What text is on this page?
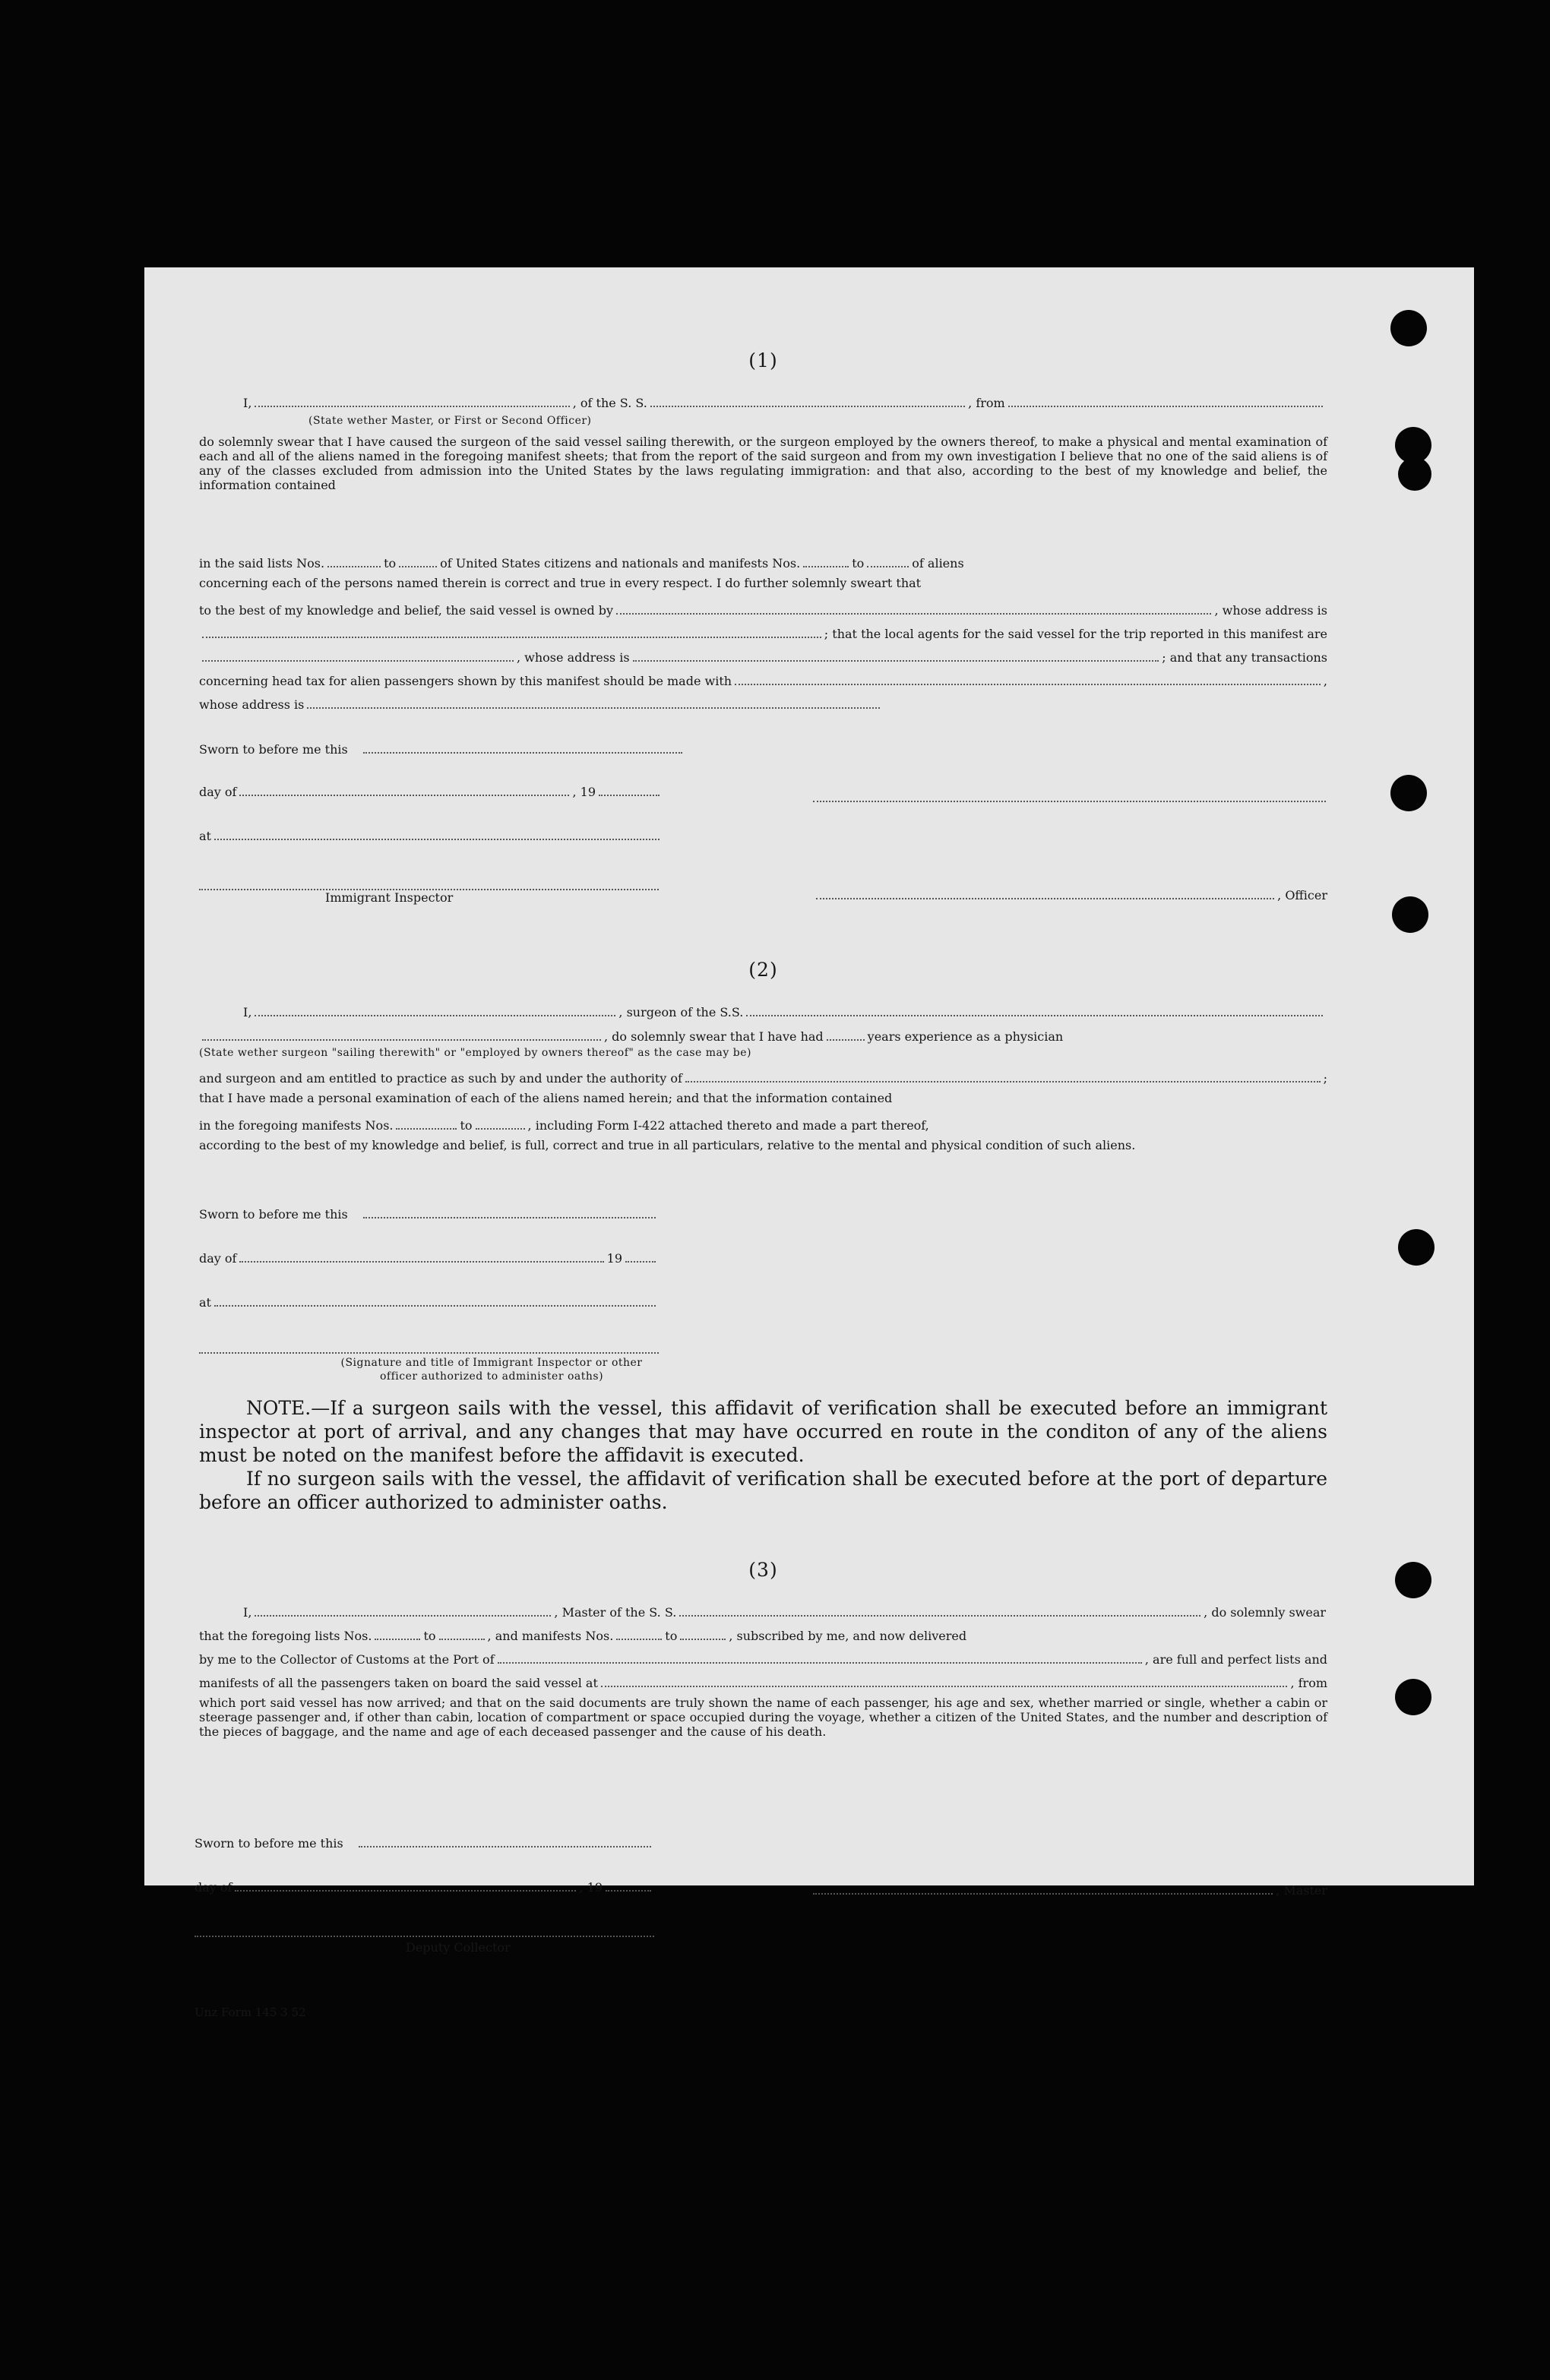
(1)
I,	, of the S. S.	, from
(State wether Master, or First or Second Officer)

do solemnly swear that I have caused the surgeon of the said vessel sailing therewith, or the surgeon employed by the owners thereof, to make a physical and mental examination of each and all of the aliens named in the foregoing manifest sheets; that from the report of the said surgeon and from my own investigation I believe that no one of the said aliens is of any of the classes excluded from admission into the United States by the laws regulating immigration: and that also, according to the best of my knowledge and belief, the information contained

in the said lists Nos.	to	of United States citizens and nationals and manifests Nos.	to	of aliens
concerning each of the persons named therein is correct and true in every respect. I do further solemnly sweart that
to the best of my knowledge and belief, the said vessel is owned by	, whose address is
; that the local agents for the said vessel for the trip reported in this manifest are
, whose address is	; and that any transactions
concerning head tax for alien passengers shown by this manifest should be made with	,
whose address is
Sworn to before me this
day of	, 19
at
, Officer
Immigrant Inspector
(2)
I,	, surgeon of the S.S.
, do solemnly swear that I have had	years experience as a physician
(State wether surgeon "sailing therewith" or "employed by owners thereof" as the case may be)
and surgeon and am entitled to practice as such by and under the authority of	;
that I have made a personal examination of each of the aliens named herein; and that the information contained
in the foregoing manifests Nos.	to	, including Form I-422 attached thereto and made a part thereof,

according to the best of my knowledge and belief, is full, correct and true in all particulars, relative to the mental and physical condition of such aliens.

Sworn to before me this
day of	19
at
(Signature and title of Immigrant Inspector or other
officer authorized to administer oaths)

NOTE.—If a surgeon sails with the vessel, this affidavit of verification shall be executed before an immigrant inspector at port of arrival, and any changes that may have occurred en route in the conditon of any of the aliens must be noted on the manifest before the affidavit is executed.

If no surgeon sails with the vessel, the affidavit of verification shall be executed before at the port of departure before an officer authorized to administer oaths.

(3)
I,	, Master of the S. S.	, do solemnly swear
that the foregoing lists Nos.	to	, and manifests Nos.	to	, subscribed by me, and now delivered
by me to the Collector of Customs at the Port of	, are full and perfect lists and
manifests of all the passengers taken on board the said vessel at	, from

which port said vessel has now arrived; and that on the said documents are truly shown the name of each passenger, his age and sex, whether married or single, whether a cabin or steerage passenger and, if other than cabin, location of compartment or space occupied during the voyage, whether a citizen of the United States, and the number and description of the pieces of baggage, and the name and age of each deceased passenger and the cause of his death.

Sworn to before me this
day of	, 19	, Master
Deputy Collector
Unz Form 145 3 52
